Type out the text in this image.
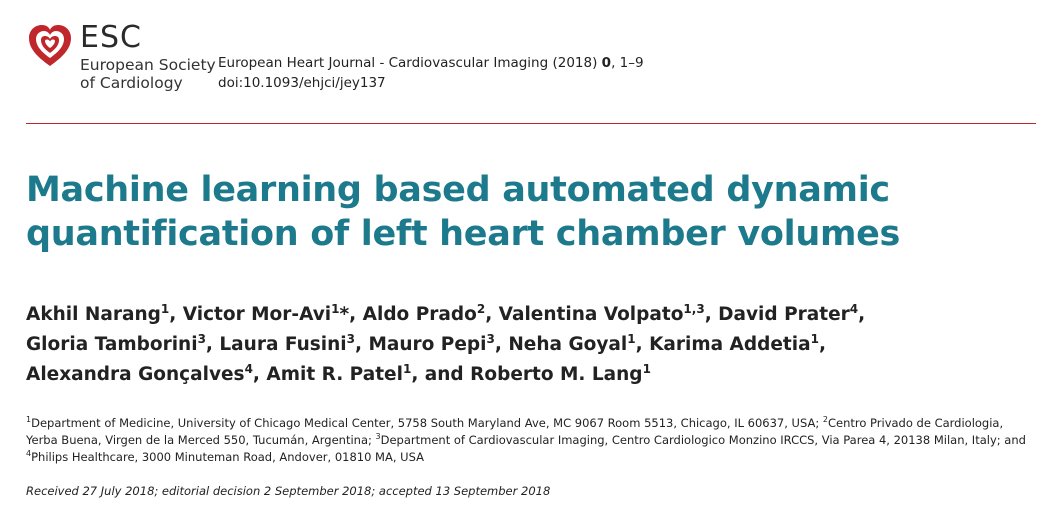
ESC
European Society
of Cardiology
European Heart Journal - Cardiovascular Imaging (2018) 0, 1–9
doi:10.1093/ehjci/jey137
Machine learning based automated dynamic
quantification of left heart chamber volumes
Akhil Narang$^1$, Victor Mor-Avi$^1$*, Aldo Prado$^2$, Valentina Volpato$^{1,3}$, David Prater$^4$,
Gloria Tamborini$^3$, Laura Fusini$^3$, Mauro Pepi$^3$, Neha Goyal$^1$, Karima Addetia$^1$,
Alexandra Gonçalves$^4$, Amit R. Patel$^1$, and Roberto M. Lang$^1$
$^1$Department of Medicine, University of Chicago Medical Center, 5758 South Maryland Ave, MC 9067 Room 5513, Chicago, IL 60637, USA; $^2$Centro Privado de Cardiologia, Yerba Buena, Virgen de la Merced 550, Tucumán, Argentina; $^3$Department of Cardiovascular Imaging, Centro Cardiologico Monzino IRCCS, Via Parea 4, 20138 Milan, Italy; and $^4$Philips Healthcare, 3000 Minuteman Road, Andover, 01810 MA, USA
Received 27 July 2018; editorial decision 2 September 2018; accepted 13 September 2018
